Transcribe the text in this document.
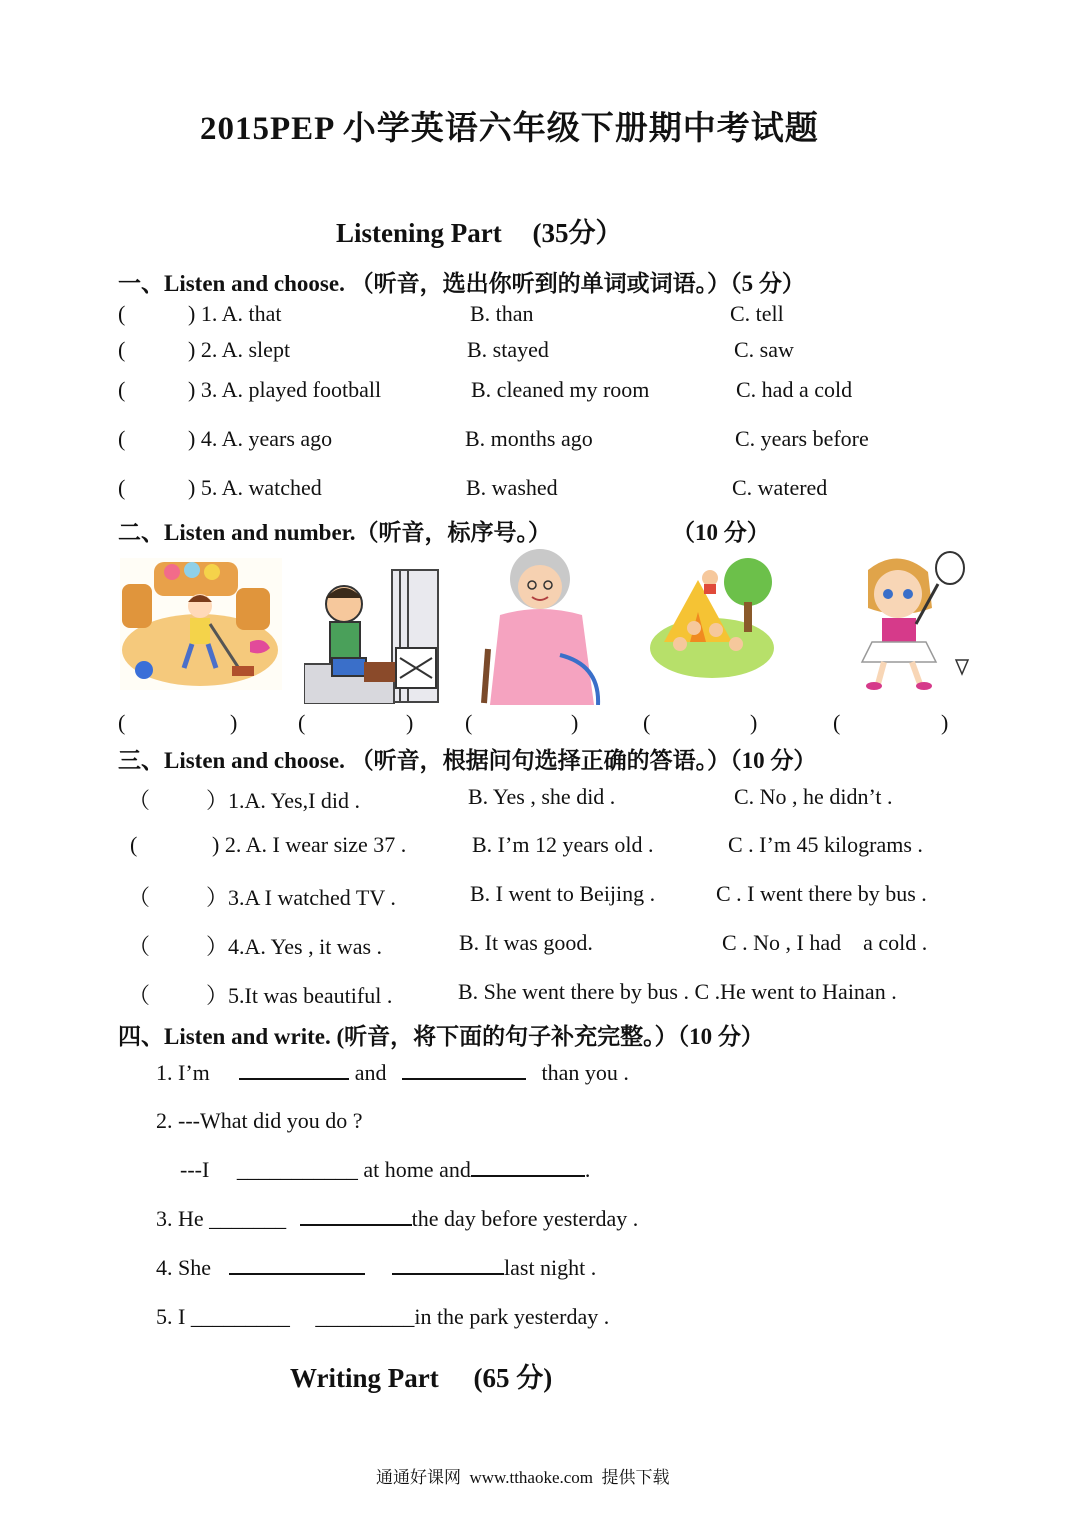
2015PEP 小学英语六年级下册期中考试题
Listening Part (35分）
一、Listen and choose. （听音，选出你听到的单词或词语。）（5 分）
(	) 1. A. that	B. than	C. tell
(	) 2. A. slept	B. stayed	C. saw
(	) 3. A. played football	B. cleaned my room	C. had a cold
(	) 4. A. years ago	B. months ago	C. years before
(	) 5. A. watched	B. washed	C. watered
二、Listen and number.（听音，标序号。）	（10 分）
(	)	(	) (	)	(	)	(	)
三、Listen and choose. （听音，根据问句选择正确的答语。）（10 分）
（	）1.A. Yes,I did .	B. Yes , she did .	C. No , he didn’t .
(	) 2. A. I wear size 37 .	B. I’m 12 years old .	C . I’m 45 kilograms .
（	）3.A I watched TV .	B. I went to Beijing .	C . I went there by bus .
（	）4.A. Yes , it was .	B. It was good.	C . No , I had    a cold .
（	）5.It was beautiful .	B. She went there by bus . C .He went to Hainan .
四、Listen and write. (听音，将下面的句子补充完整。）（10 分）
1. I’m	and	than you .
2. ---What did you do ?
---I ___________ at home and	.
3. He _______	the day before yesterday .
4. She	last night .
5. I _________ _________in the park yesterday .
Writing Part (65 分)
通通好课网  www.tthaoke.com  提供下载
